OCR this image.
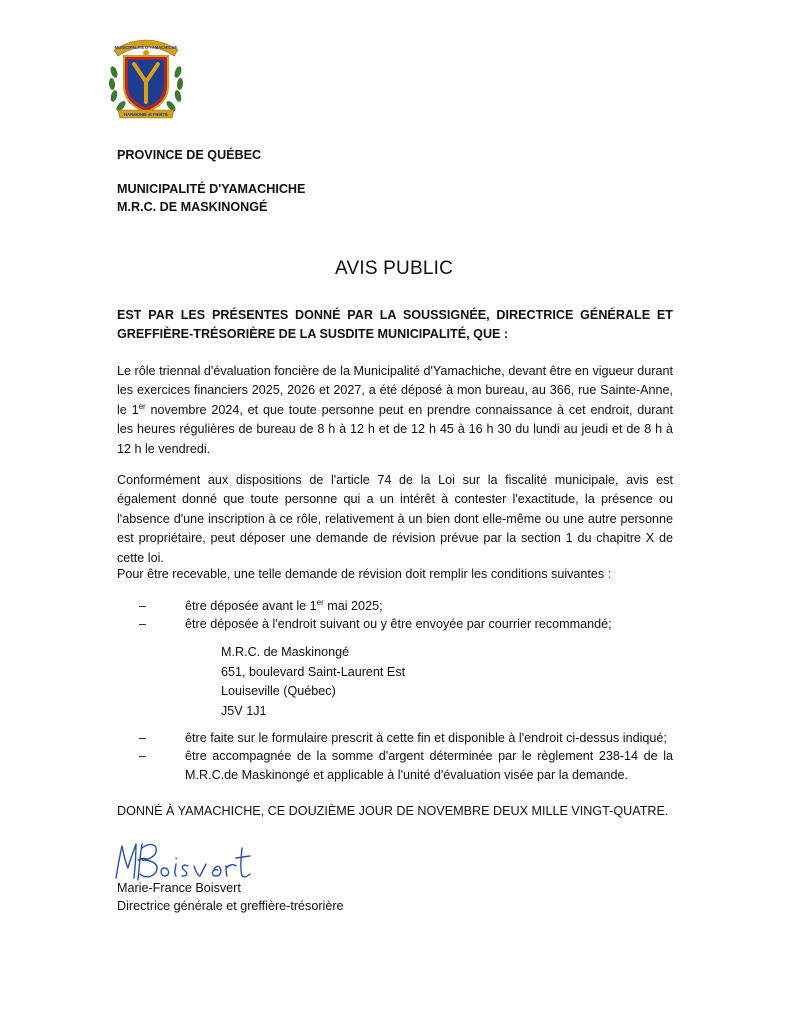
MUNICIPALITÉ D'YAMACHICHE
HARMONIE et FIERTÉ
PROVINCE DE QUÉBEC
MUNICIPALITÉ D'YAMACHICHE
M.R.C. DE MASKINONGÉ
AVIS PUBLIC
EST PAR LES PRÉSENTES DONNÉ PAR LA SOUSSIGNÉE, DIRECTRICE GÉNÉRALE ET GREFFIÈRE-TRÉSORIÈRE DE LA SUSDITE MUNICIPALITÉ, QUE :
Le rôle triennal d'évaluation foncière de la Municipalité d'Yamachiche, devant être en vigueur durant les exercices financiers 2025, 2026 et 2027, a été déposé à mon bureau, au 366, rue Sainte-Anne, le 1er novembre 2024, et que toute personne peut en prendre connaissance à cet endroit, durant les heures régulières de bureau de 8 h à 12 h et de 12 h 45 à 16 h 30 du lundi au jeudi et de 8 h à 12 h le vendredi.
Conformément aux dispositions de l'article 74 de la Loi sur la fiscalité municipale, avis est également donné que toute personne qui a un intérêt à contester l'exactitude, la présence ou l'absence d'une inscription à ce rôle, relativement à un bien dont elle-même ou une autre personne est propriétaire, peut déposer une demande de révision prévue par la section 1 du chapitre X de cette loi.
Pour être recevable, une telle demande de révision doit remplir les conditions suivantes :
–	être déposée avant le 1er mai 2025;
–	être déposée à l'endroit suivant ou y être envoyée par courrier recommandé;
M.R.C. de Maskinongé
651, boulevard Saint-Laurent Est
Louiseville (Québec)
J5V 1J1
–	être faite sur le formulaire prescrit à cette fin et disponible à l'endroit ci-dessus indiqué;
–	être accompagnée de la somme d'argent déterminée par le règlement 238-14 de la M.R.C.de Maskinongé et applicable à l'unité d'évaluation visée par la demande.
DONNÉ À YAMACHICHE, CE DOUZIÈME JOUR DE NOVEMBRE DEUX MILLE VINGT-QUATRE.
MFBoisvert
Marie-France Boisvert
Directrice générale et greffière-trésorière
